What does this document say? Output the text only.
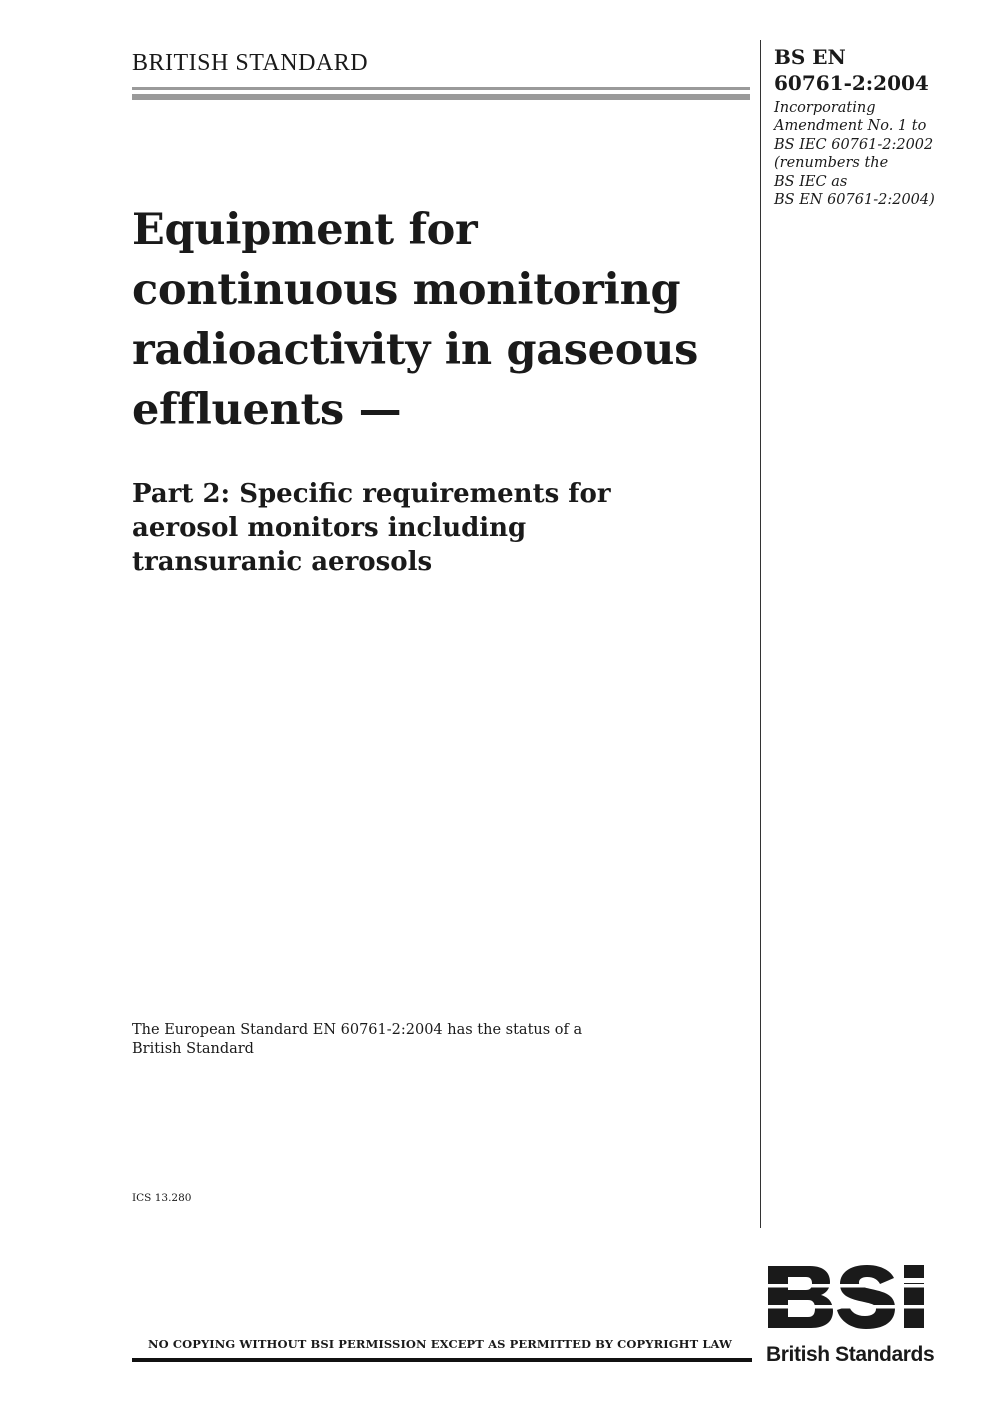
BRITISH STANDARD	BS EN
60761-2:2004
Incorporating
Amendment No. 1 to
BS IEC 60761-2:2002
(renumbers the
BS IEC as
BS EN 60761-2:2004)
Equipment for
continuous monitoring
radioactivity in gaseous
effluents —
Part 2: Specific requirements for
aerosol monitors including
transuranic aerosols
The European Standard EN 60761-2:2004 has the status of a
British Standard
ICS 13.280
NO COPYING WITHOUT BSI PERMISSION EXCEPT AS PERMITTED BY COPYRIGHT LAW British Standards
